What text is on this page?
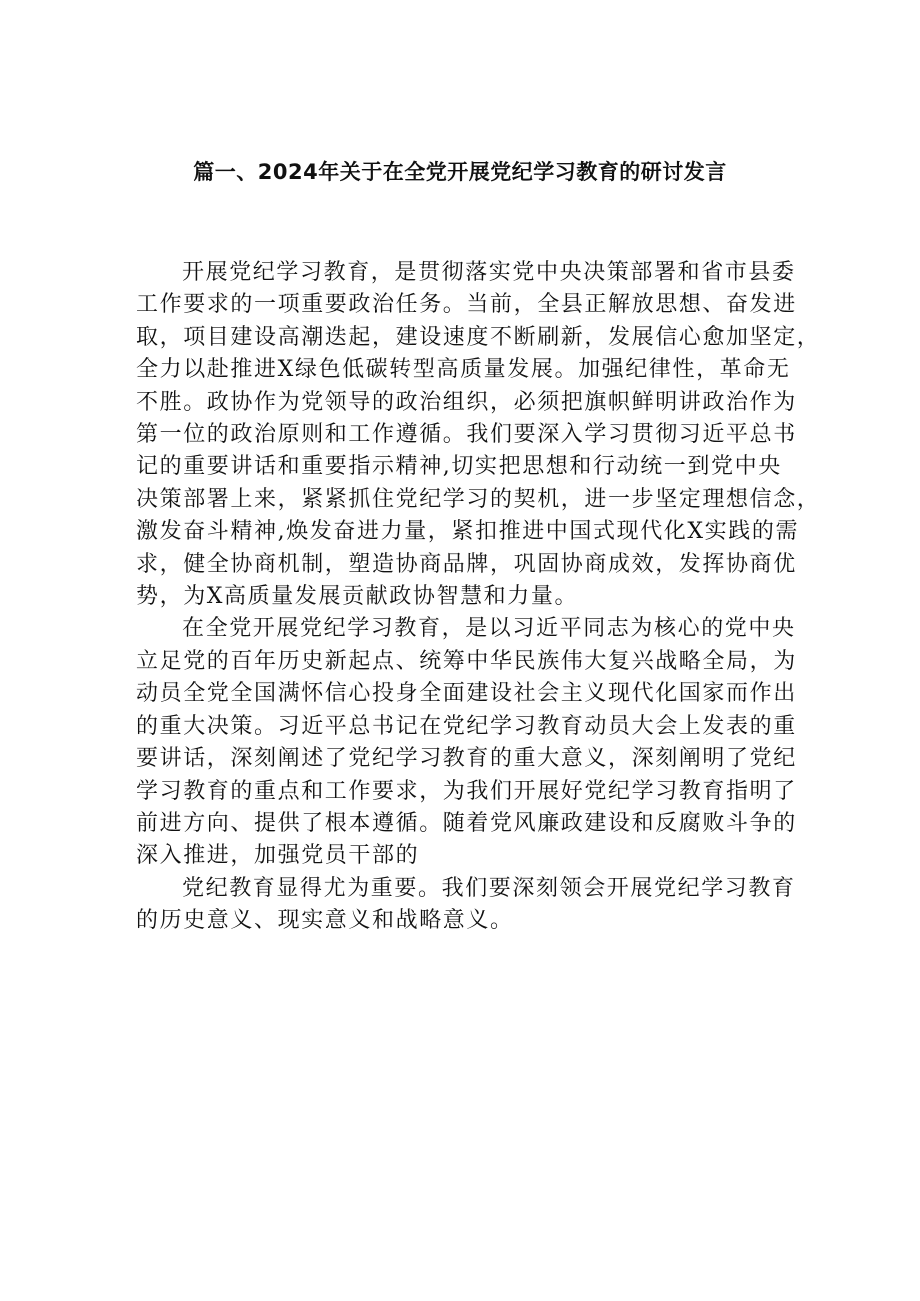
篇一、2024年关于在全党开展党纪学习教育的研讨发言

开展党纪学习教育，是贯彻落实党中央决策部署和省市县委
工作要求的一项重要政治任务。当前，全县正解放思想、奋发进
取，项目建设高潮迭起，建设速度不断刷新，发展信心愈加坚定，
全力以赴推进X绿色低碳转型高质量发展。加强纪律性，革命无
不胜。政协作为党领导的政治组织，必须把旗帜鲜明讲政治作为
第一位的政治原则和工作遵循。我们要深入学习贯彻习近平总书
记的重要讲话和重要指示精神,切实把思想和行动统一到党中央
决策部署上来，紧紧抓住党纪学习的契机，进一步坚定理想信念，
激发奋斗精神,焕发奋进力量，紧扣推进中国式现代化X实践的需
求，健全协商机制，塑造协商品牌，巩固协商成效，发挥协商优
势，为X高质量发展贡献政协智慧和力量。

在全党开展党纪学习教育，是以习近平同志为核心的党中央
立足党的百年历史新起点、统筹中华民族伟大复兴战略全局，为
动员全党全国满怀信心投身全面建设社会主义现代化国家而作出
的重大决策。习近平总书记在党纪学习教育动员大会上发表的重
要讲话，深刻阐述了党纪学习教育的重大意义，深刻阐明了党纪
学习教育的重点和工作要求，为我们开展好党纪学习教育指明了
前进方向、提供了根本遵循。随着党风廉政建设和反腐败斗争的
深入推进，加强党员干部的

党纪教育显得尤为重要。我们要深刻领会开展党纪学习教育
的历史意义、现实意义和战略意义。
